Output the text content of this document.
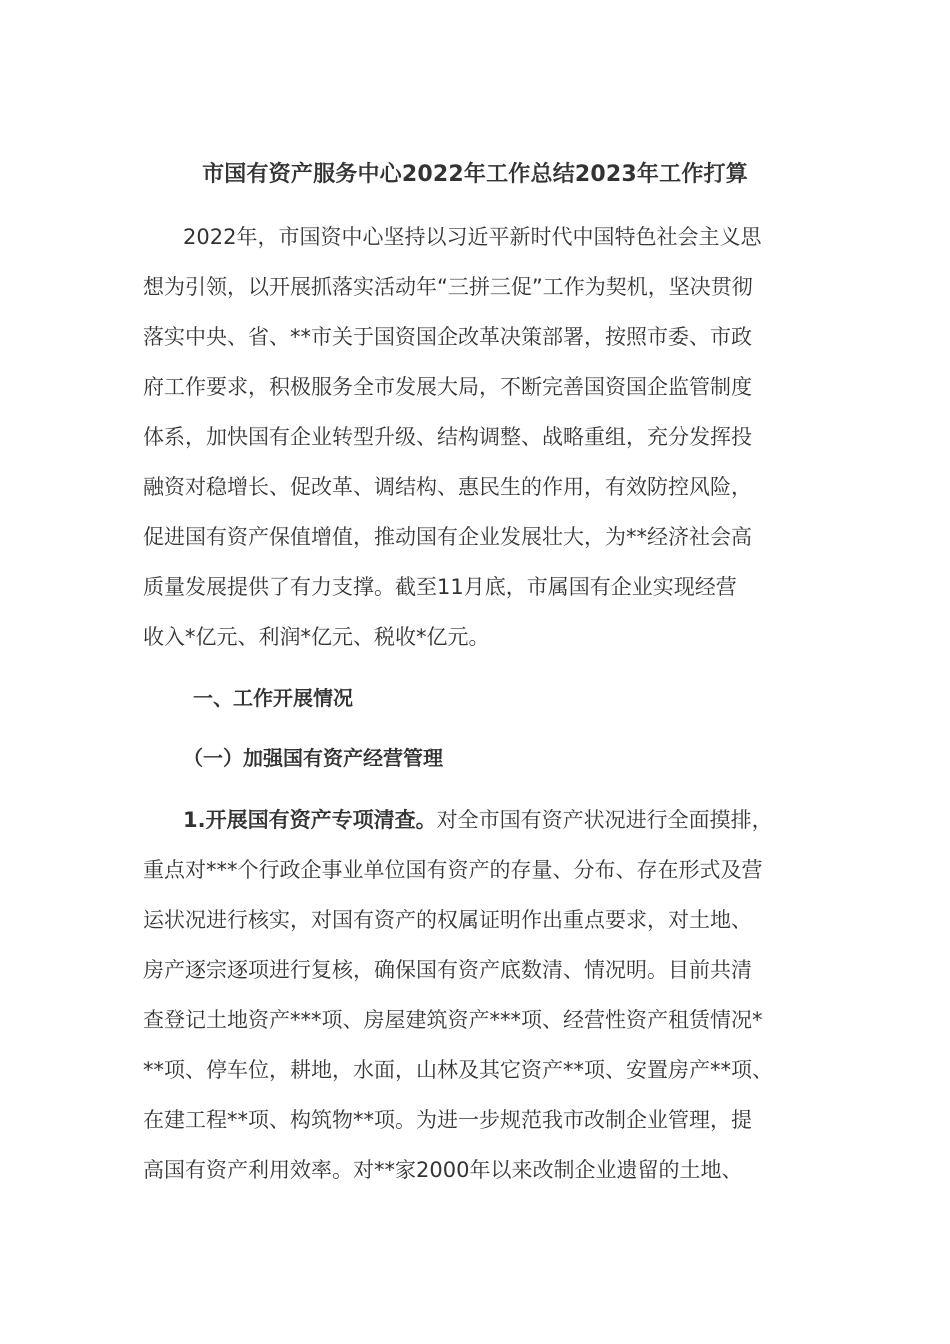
市国有资产服务中心2022年工作总结2023年工作打算
2022年，市国资中心坚持以习近平新时代中国特色社会主义思
想为引领，以开展抓落实活动年“三拼三促”工作为契机，坚决贯彻
落实中央、省、**市关于国资国企改革决策部署，按照市委、市政
府工作要求，积极服务全市发展大局，不断完善国资国企监管制度
体系，加快国有企业转型升级、结构调整、战略重组，充分发挥投
融资对稳增长、促改革、调结构、惠民生的作用，有效防控风险，
促进国有资产保值增值，推动国有企业发展壮大，为**经济社会高
质量发展提供了有力支撑。截至11月底，市属国有企业实现经营
收入*亿元、利润*亿元、税收*亿元。
一、工作开展情况
（一）加强国有资产经营管理
1.开展国有资产专项清查。对全市国有资产状况进行全面摸排，
重点对***个行政企事业单位国有资产的存量、分布、存在形式及营
运状况进行核实，对国有资产的权属证明作出重点要求，对土地、
房产逐宗逐项进行复核，确保国有资产底数清、情况明。目前共清
查登记土地资产***项、房屋建筑资产***项、经营性资产租赁情况*
**项、停车位，耕地，水面，山林及其它资产**项、安置房产**项、
在建工程**项、构筑物**项。为进一步规范我市改制企业管理，提
高国有资产利用效率。对**家2000年以来改制企业遗留的土地、
